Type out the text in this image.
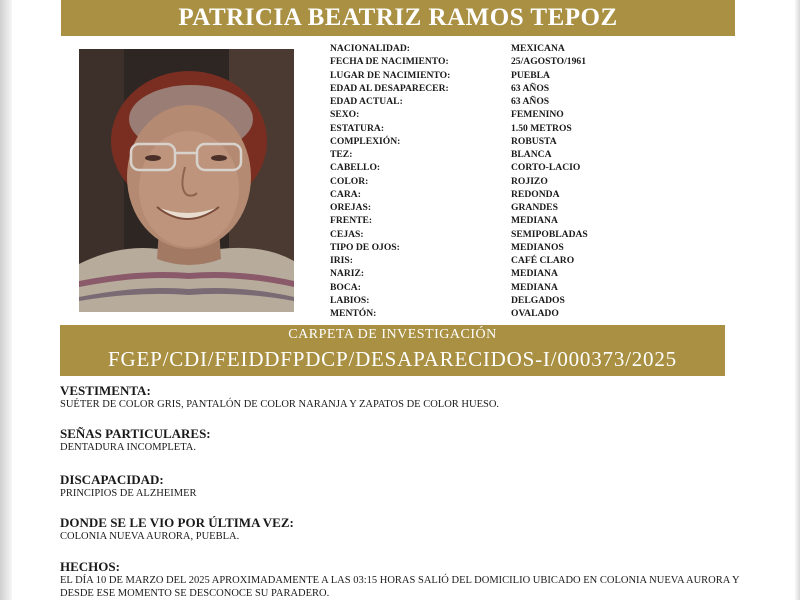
PATRICIA BEATRIZ RAMOS TEPOZ
NACIONALIDAD:	MEXICANA
FECHA DE NACIMIENTO:	25/AGOSTO/1961
LUGAR DE NACIMIENTO:	PUEBLA
EDAD AL DESAPARECER:	63 AÑOS
EDAD ACTUAL:	63 AÑOS
SEXO:	FEMENINO
ESTATURA:	1.50 METROS
COMPLEXIÓN:	ROBUSTA
TEZ:	BLANCA
CABELLO:	CORTO-LACIO
COLOR:	ROJIZO
CARA:	REDONDA
OREJAS:	GRANDES
FRENTE:	MEDIANA
CEJAS:	SEMIPOBLADAS
TIPO DE OJOS:	MEDIANOS
IRIS:	CAFÉ CLARO
NARIZ:	MEDIANA
BOCA:	MEDIANA
LABIOS:	DELGADOS
MENTÓN:	OVALADO
CARPETA DE INVESTIGACIÓN
FGEP/CDI/FEIDDFPDCP/DESAPARECIDOS-I/000373/2025
VESTIMENTA:
SUÉTER DE COLOR GRIS, PANTALÓN DE COLOR NARANJA Y ZAPATOS DE COLOR HUESO.
SEÑAS PARTICULARES:
DENTADURA INCOMPLETA.
DISCAPACIDAD:
PRINCIPIOS DE ALZHEIMER
DONDE SE LE VIO POR ÚLTIMA VEZ:
COLONIA NUEVA AURORA, PUEBLA.
HECHOS:
EL DÍA 10 DE MARZO DEL 2025 APROXIMADAMENTE A LAS 03:15 HORAS SALIÓ DEL DOMICILIO UBICADO EN COLONIA NUEVA AURORA Y DESDE ESE MOMENTO SE DESCONOCE SU PARADERO.
